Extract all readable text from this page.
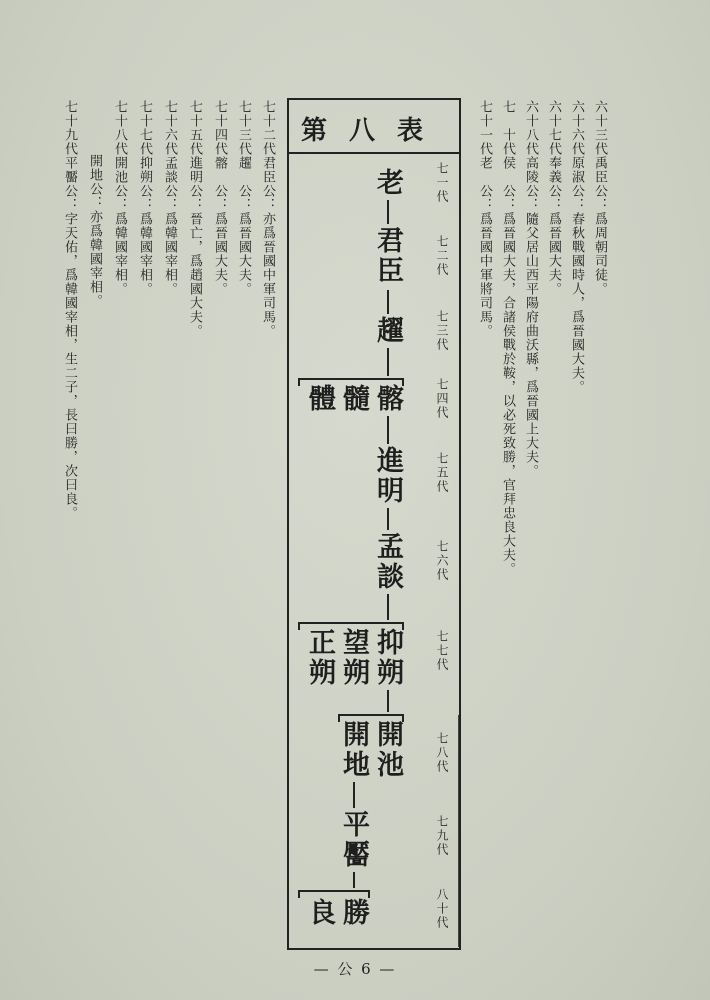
六十三代禹臣公：爲周朝司徒。
六十六代原淑公：春秋戰國時人，爲晉國大夫。
六十七代奉義公：爲晉國大夫。
六十八代高陵公：隨父居山西平陽府曲沃縣，爲晉國上大夫。
七　十代侯　公：爲晉國大夫，合諸侯戰於鞍，以必死致勝，官拜忠良大夫。
七十一代老　公：爲晉國中軍將司馬。
七十二代君臣公：亦爲晉國中軍司馬。
七十三代趯　公：爲晉國大夫。
七十四代髂　公：爲晉國大夫。
七十五代進明公：晉亡，爲趙國大夫。
七十六代孟談公：爲韓國宰相。
七十七代抑朔公：爲韓國宰相。
七十八代開池公：爲韓國宰相。
開地公：亦爲韓國宰相。
七十九代平靨公：字天佑，爲韓國宰相，生二子，長曰勝，次曰良。	第八表
七一代
七二代
七三代
七四代
七五代
七六代
七七代
七八代
七九代
八十代
老
君臣
趯
髂
髓
體
進明
孟談
抑朔
望朔
正朔
開池
開地
平靨
勝
良
— 公 6 —
